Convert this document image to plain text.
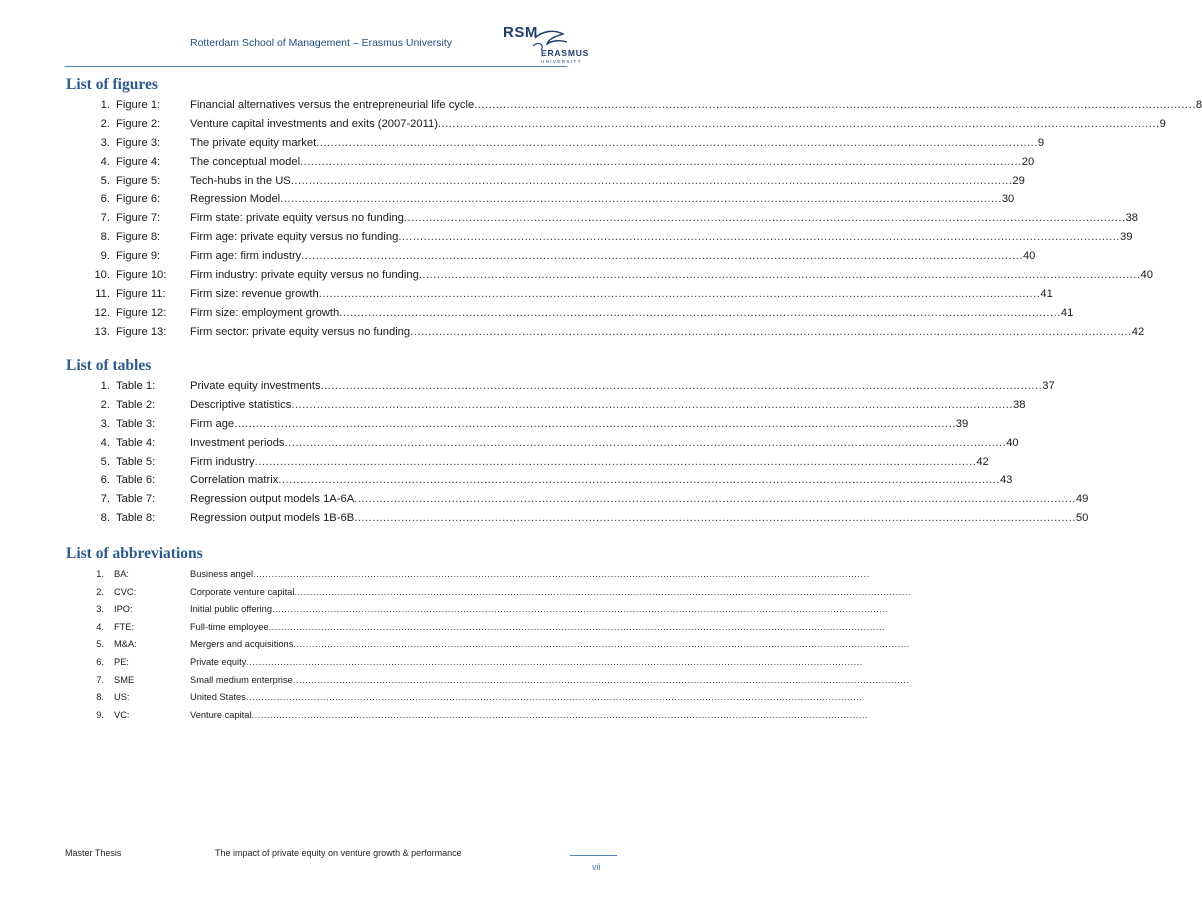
Rotterdam School of Management – Erasmus University
RSM
ERASMUS
UNIVERSITY
List of figures
1. Figure 1:	Financial alternatives versus the entrepreneurial life cycle ........................................................................................................................................................................................................ 8
2. Figure 2:	Venture capital investments and exits (2007-2011) ........................................................................................................................................................................................................ 9
3. Figure 3:	The private equity market ........................................................................................................................................................................................................ 9
4. Figure 4:	The conceptual model ........................................................................................................................................................................................................ 20
5. Figure 5:	Tech-hubs in the US ........................................................................................................................................................................................................ 29
6. Figure 6:	Regression Model ........................................................................................................................................................................................................ 30
7. Figure 7:	Firm state: private equity versus no funding ........................................................................................................................................................................................................ 38
8. Figure 8:	Firm age: private equity versus no funding ........................................................................................................................................................................................................ 39
9. Figure 9:	Firm age: firm industry ........................................................................................................................................................................................................ 40
10. Figure 10: Firm industry: private equity versus no funding ........................................................................................................................................................................................................ 40
11. Figure 11: Firm size: revenue growth ........................................................................................................................................................................................................ 41
12. Figure 12: Firm size: employment growth ........................................................................................................................................................................................................ 41
13. Figure 13: Firm sector: private equity versus no funding ........................................................................................................................................................................................................ 42
List of tables
1. Table 1:	Private equity investments ........................................................................................................................................................................................................ 37
2. Table 2:	Descriptive statistics ........................................................................................................................................................................................................ 38
3. Table 3:	Firm age ........................................................................................................................................................................................................ 39
4. Table 4:	Investment periods ........................................................................................................................................................................................................ 40
5. Table 5:	Firm industry ........................................................................................................................................................................................................ 42
6. Table 6:	Correlation matrix ........................................................................................................................................................................................................ 43
7. Table 7:	Regression output models 1A-6A ........................................................................................................................................................................................................ 49
8. Table 8:	Regression output models 1B-6B ........................................................................................................................................................................................................ 50
List of abbreviations
1. BA:	Business angel ........................................................................................................................................................................................................
2. CVC:	Corporate venture capital ........................................................................................................................................................................................................
3. IPO:	Initial public offering ........................................................................................................................................................................................................
4. FTE:	Full-time employee ........................................................................................................................................................................................................
5. M&A:	Mergers and acquisitions ........................................................................................................................................................................................................
6. PE:	Private equity ........................................................................................................................................................................................................
7. SME	Small medium enterprise ........................................................................................................................................................................................................
8. US:	United States ........................................................................................................................................................................................................
9. VC:	Venture capital ........................................................................................................................................................................................................
Master Thesis	The impact of private equity on venture growth & performance
vii
